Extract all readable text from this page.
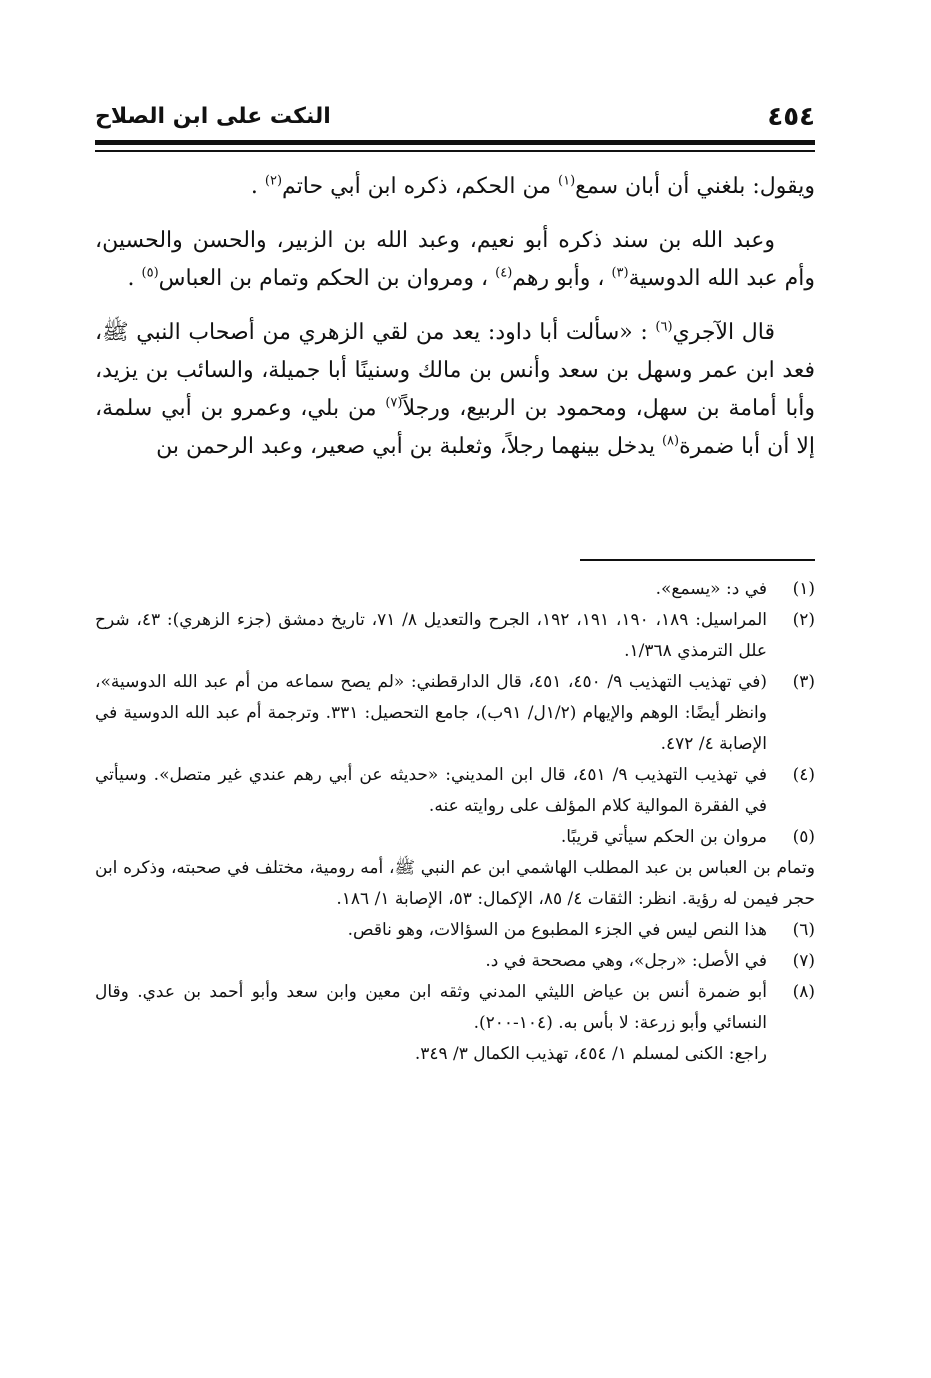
٤٥٤
النكت على ابن الصلاح

ويقول: بلغني أن أبان سمع$^{(١)}$ من الحكم، ذكره ابن أبي حاتم$^{(٢)}$ .

وعبد الله بن سند ذكره أبو نعيم، وعبد الله بن الزبير، والحسن والحسين، وأم عبد الله الدوسية$^{(٣)}$ ، وأبو رهم$^{(٤)}$ ، ومروان بن الحكم وتمام بن العباس$^{(٥)}$ .

قال الآجري$^{(٦)}$ : «سألت أبا داود: يعد من لقي الزهري من أصحاب النبي ﷺ، فعد ابن عمر وسهل بن سعد وأنس بن مالك وسنينًا أبا جميلة، والسائب بن يزيد، وأبا أمامة بن سهل، ومحمود بن الربيع، ورجلاً$^{(٧)}$ من بلي، وعمرو بن أبي سلمة، إلا أن أبا ضمرة$^{(٨)}$ يدخل بينهما رجلاً، وثعلبة بن أبي صعير، وعبد الرحمن بن

(١)
في د: «يسمع».
(٢)
المراسيل: ١٨٩، ١٩٠، ١٩١، ١٩٢، الجرح والتعديل ٨/ ٧١، تاريخ دمشق (جزء الزهري): ٤٣، شرح علل الترمذي ١/٣٦٨.
(٣)
(في تهذيب التهذيب ٩/ ٤٥٠، ٤٥١، قال الدارقطني: «لم يصح سماعه من أم عبد الله الدوسية»، وانظر أيضًا: الوهم والإيهام (١/٢ل/ ٩١ب)، جامع التحصيل: ٣٣١. وترجمة أم عبد الله الدوسية في الإصابة ٤/ ٤٧٢.
(٤)
في تهذيب التهذيب ٩/ ٤٥١، قال ابن المديني: «حديثه عن أبي رهم عندي غير متصل». وسيأتي في الفقرة الموالية كلام المؤلف على روايته عنه.
(٥)
مروان بن الحكم سيأتي قريبًا.

وتمام بن العباس بن عبد المطلب الهاشمي ابن عم النبي ﷺ، أمه رومية، مختلف في صحبته، وذكره ابن حجر فيمن له رؤية. انظر: الثقات ٤/ ٨٥، الإكمال: ٥٣، الإصابة ١/ ١٨٦.

(٦)
هذا النص ليس في الجزء المطبوع من السؤالات، وهو ناقص.
(٧)
في الأصل: «رجل»، وهي مصححة في د.
(٨)
أبو ضمرة أنس بن عياض الليثي المدني وثقه ابن معين وابن سعد وأبو أحمد بن عدي. وقال النسائي وأبو زرعة: لا بأس به. (١٠٤-٢٠٠).

راجع: الكنى لمسلم ١/ ٤٥٤، تهذيب الكمال ٣/ ٣٤٩.
